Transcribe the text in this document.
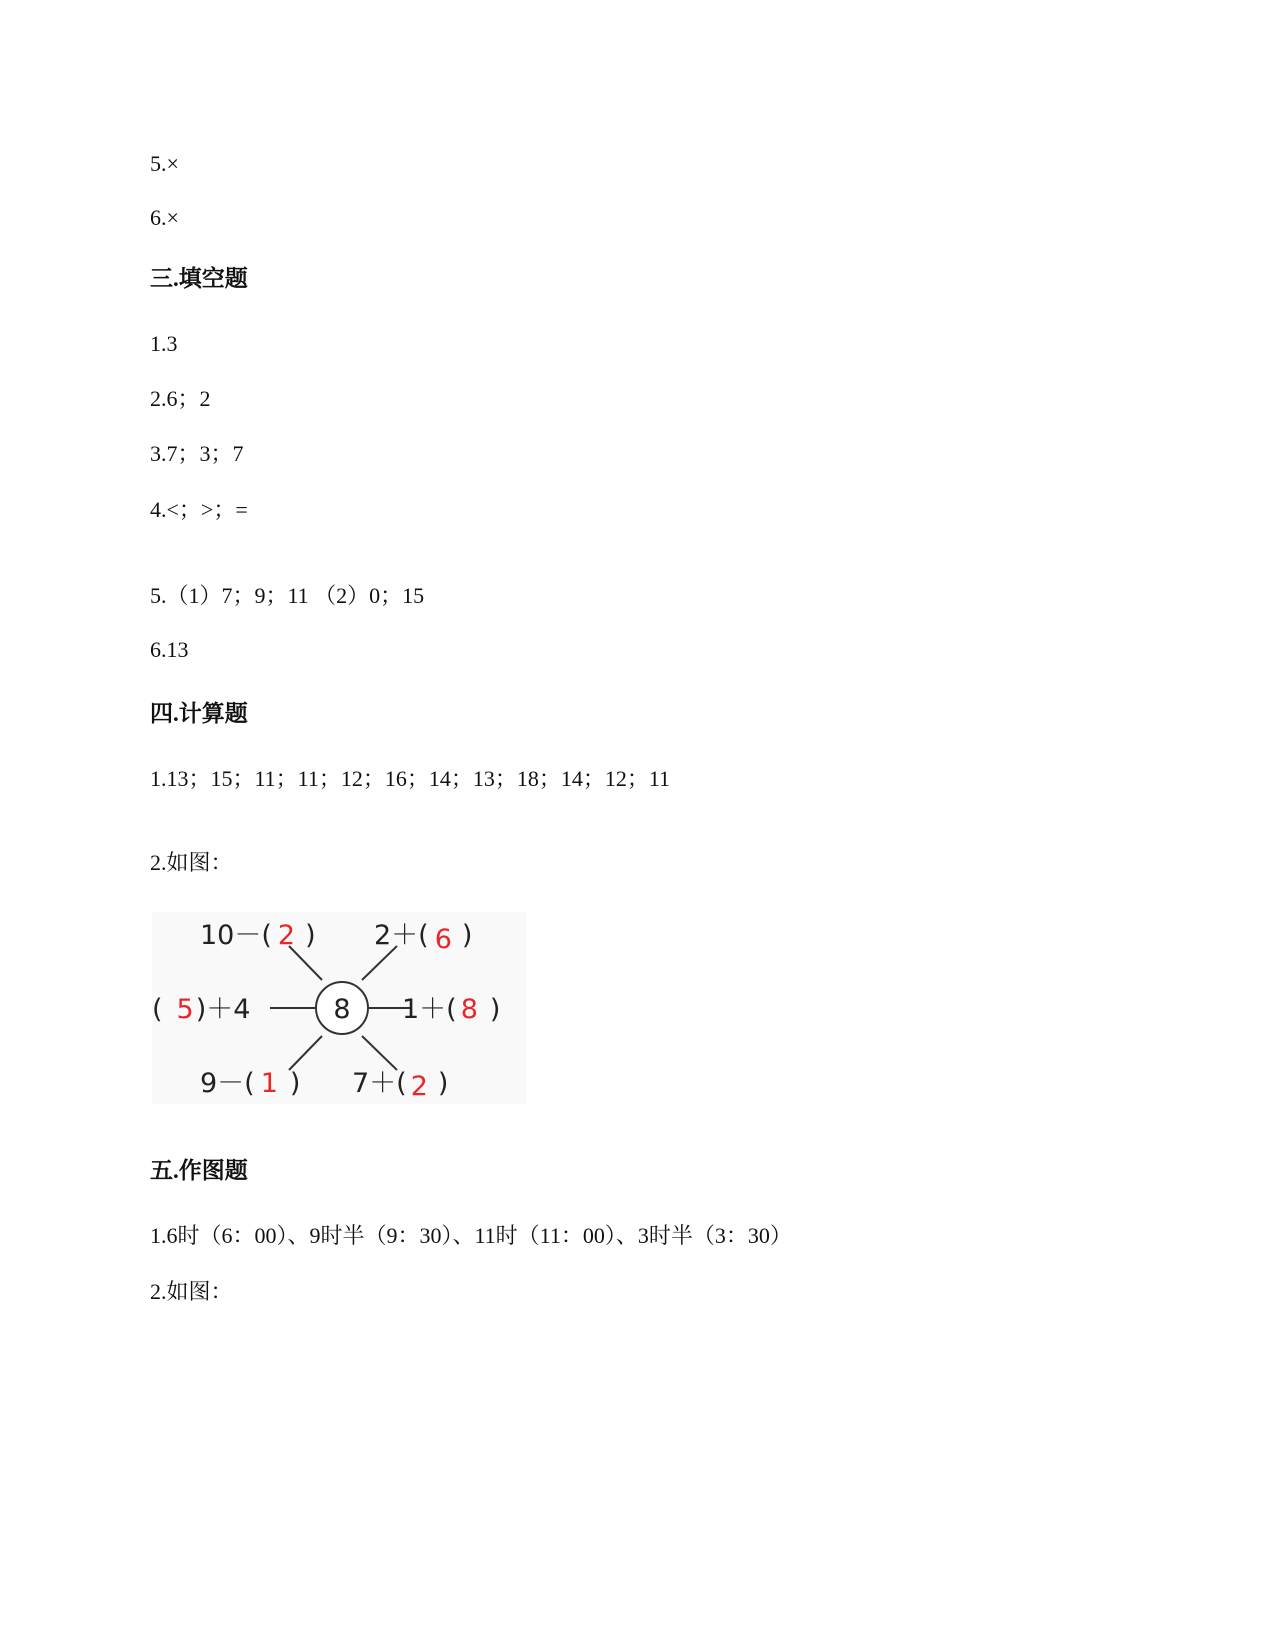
5.×
6.×
三.填空题
1.3
2.6；2
3.7；3；7
4.<；>；=
5.（1）7；9；11 （2）0；15
6.13
四.计算题
1.13；15；11；11；12；16；14；13；18；14；12；11
2.如图：
8
10－( 2 ) 2＋( 6 )
( 5)＋4	1＋( 8 )
9－( 1 ) 7＋( 2 )
五.作图题
1.6时（6：00）、9时半（9：30）、11时（11：00）、3时半（3：30）
2.如图：
